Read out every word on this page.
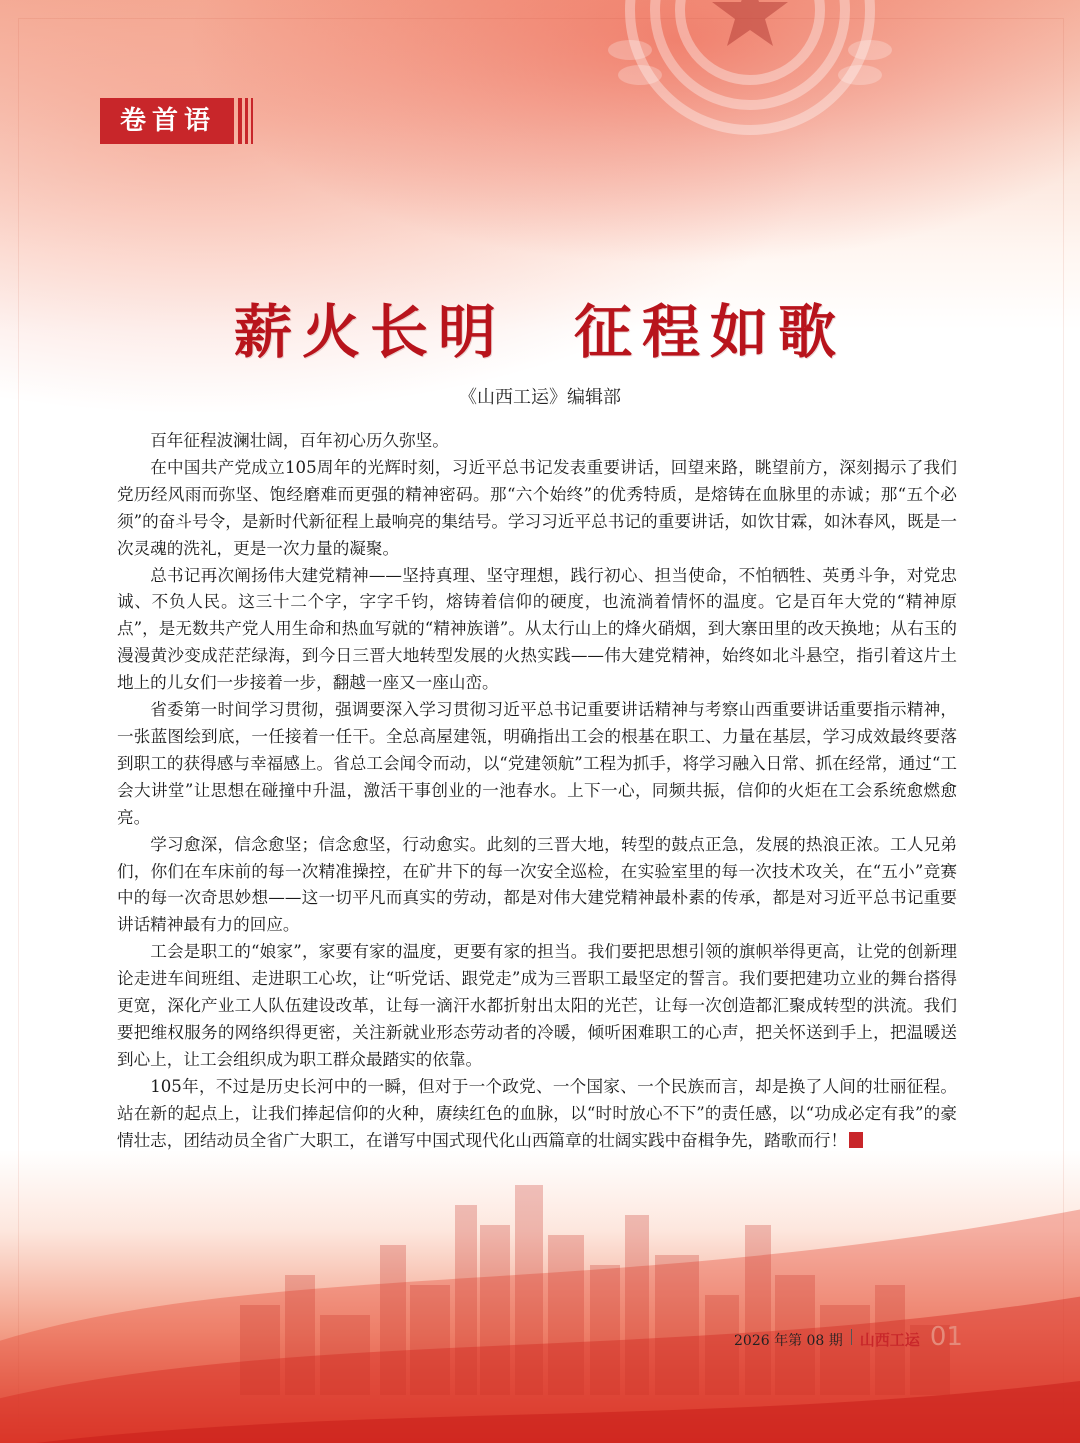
卷首语
薪火长明　征程如歌
《山西工运》编辑部

百年征程波澜壮阔，百年初心历久弥坚。

在中国共产党成立105周年的光辉时刻，习近平总书记发表重要讲话，回望来路，眺望前方，深刻揭示了我们党历经风雨而弥坚、饱经磨难而更强的精神密码。那“六个始终”的优秀特质，是熔铸在血脉里的赤诚；那“五个必须”的奋斗号令，是新时代新征程上最响亮的集结号。学习习近平总书记的重要讲话，如饮甘霖，如沐春风，既是一次灵魂的洗礼，更是一次力量的凝聚。

总书记再次阐扬伟大建党精神——坚持真理、坚守理想，践行初心、担当使命，不怕牺牲、英勇斗争，对党忠诚、不负人民。这三十二个字，字字千钧，熔铸着信仰的硬度，也流淌着情怀的温度。它是百年大党的“精神原点”，是无数共产党人用生命和热血写就的“精神族谱”。从太行山上的烽火硝烟，到大寨田里的改天换地；从右玉的漫漫黄沙变成茫茫绿海，到今日三晋大地转型发展的火热实践——伟大建党精神，始终如北斗悬空，指引着这片土地上的儿女们一步接着一步，翻越一座又一座山峦。

省委第一时间学习贯彻，强调要深入学习贯彻习近平总书记重要讲话精神与考察山西重要讲话重要指示精神，一张蓝图绘到底，一任接着一任干。全总高屋建瓴，明确指出工会的根基在职工、力量在基层，学习成效最终要落到职工的获得感与幸福感上。省总工会闻令而动，以“党建领航”工程为抓手，将学习融入日常、抓在经常，通过“工会大讲堂”让思想在碰撞中升温，激活干事创业的一池春水。上下一心，同频共振，信仰的火炬在工会系统愈燃愈亮。

学习愈深，信念愈坚；信念愈坚，行动愈实。此刻的三晋大地，转型的鼓点正急，发展的热浪正浓。工人兄弟们，你们在车床前的每一次精准操控，在矿井下的每一次安全巡检，在实验室里的每一次技术攻关，在“五小”竞赛中的每一次奇思妙想——这一切平凡而真实的劳动，都是对伟大建党精神最朴素的传承，都是对习近平总书记重要讲话精神最有力的回应。

工会是职工的“娘家”，家要有家的温度，更要有家的担当。我们要把思想引领的旗帜举得更高，让党的创新理论走进车间班组、走进职工心坎，让“听党话、跟党走”成为三晋职工最坚定的誓言。我们要把建功立业的舞台搭得更宽，深化产业工人队伍建设改革，让每一滴汗水都折射出太阳的光芒，让每一次创造都汇聚成转型的洪流。我们要把维权服务的网络织得更密，关注新就业形态劳动者的冷暖，倾听困难职工的心声，把关怀送到手上，把温暖送到心上，让工会组织成为职工群众最踏实的依靠。

105年，不过是历史长河中的一瞬，但对于一个政党、一个国家、一个民族而言，却是换了人间的壮丽征程。站在新的起点上，让我们捧起信仰的火种，赓续红色的血脉，以“时时放心不下”的责任感，以“功成必定有我”的豪情壮志，团结动员全省广大职工，在谱写中国式现代化山西篇章的壮阔实践中奋楫争先，踏歌而行！

2026 年第 08 期 山西工运 01
